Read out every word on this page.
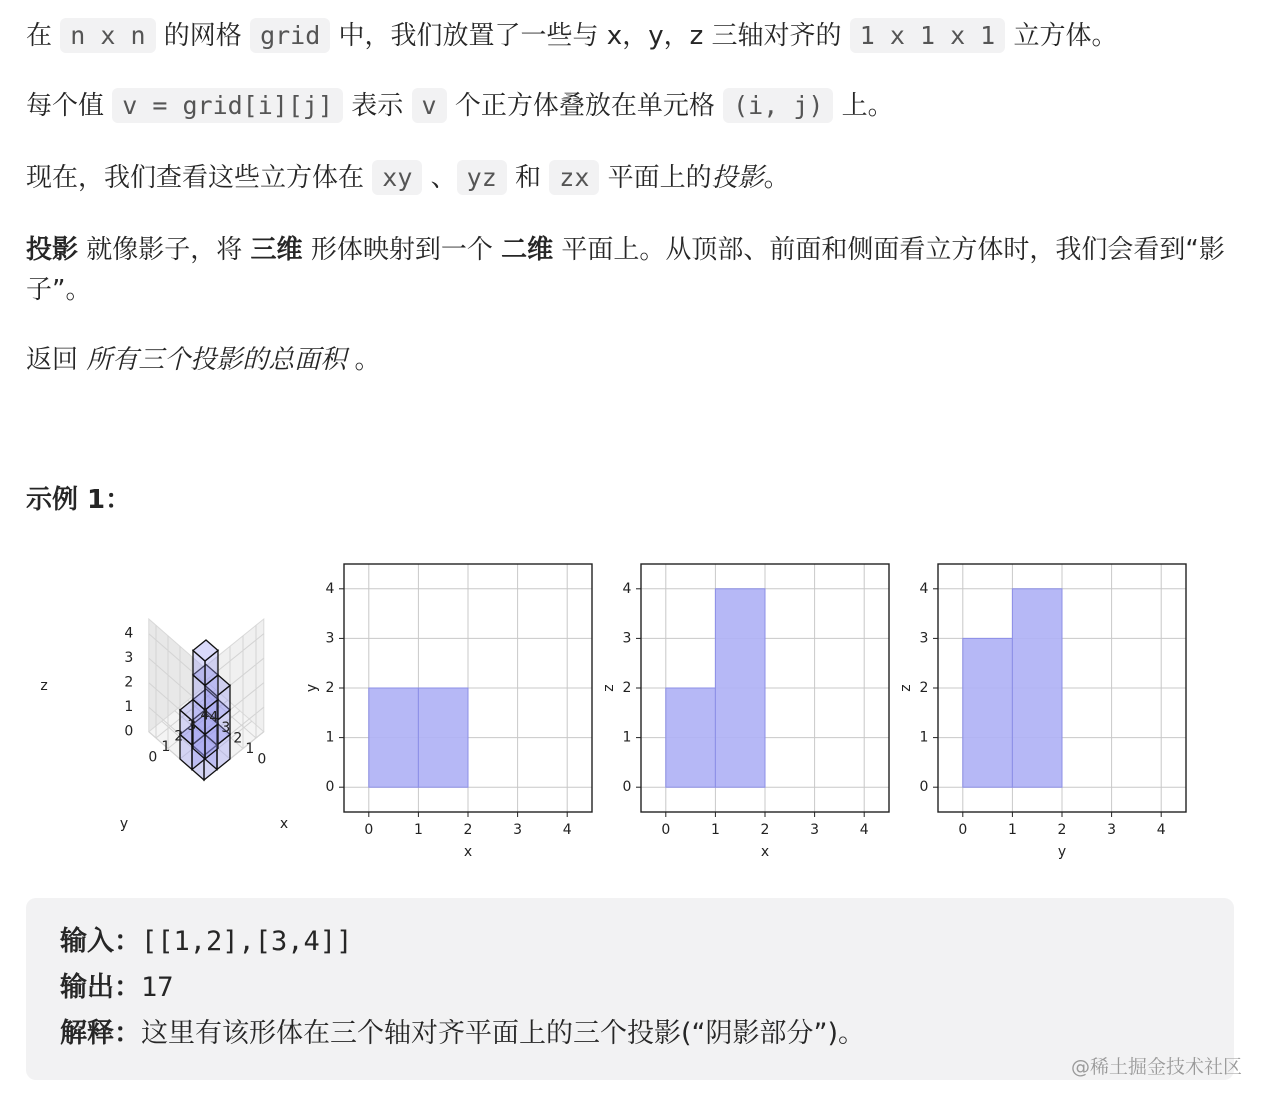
在 n x n 的网格 grid 中，我们放置了一些与 x，y，z 三轴对齐的 1 x 1 x 1 立方体。
每个值 v = grid[i][j] 表示 v 个正方体叠放在单元格 (i, j) 上。
现在，我们查看这些立方体在 xy 、 yz 和 zx 平面上的投影。
投影 就像影子，将 三维 形体映射到一个 二维 平面上。从顶部、前面和侧面看立方体时，我们会看到“影子”。
返回 所有三个投影的总面积 。
示例 1：
0	1	2	3	4
0
1
2
3
4
x
y
0	1	2	3	4
0
1
2
3
4
x
z
0	1	2	3	4
0
1
2
3
4
y
z
0
1
2
3
4
0
1
2
3
4
0
1
2
3
4
x
y
z
输入：[[1,2],[3,4]]
输出：17
解释：这里有该形体在三个轴对齐平面上的三个投影(“阴影部分”)。
@稀土掘金技术社区
